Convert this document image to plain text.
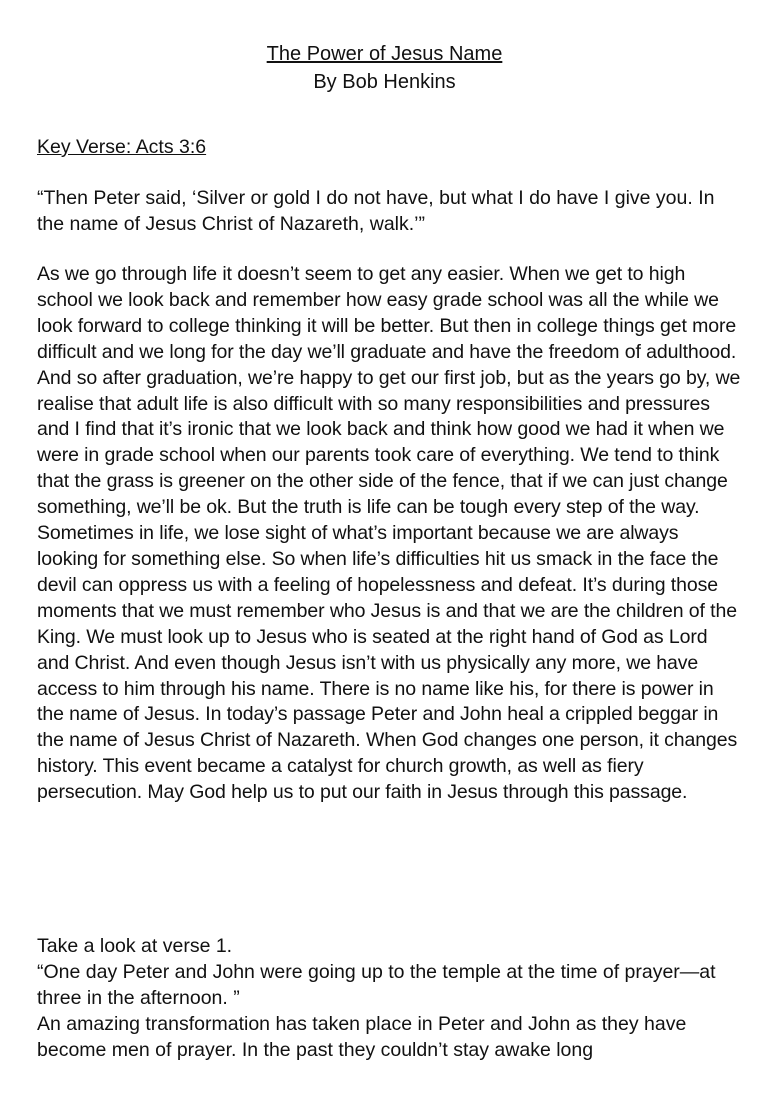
The Power of Jesus Name
By Bob Henkins

Key Verse: Acts 3:6

“Then Peter said, ‘Silver or gold I do not have, but what I do have I give you. In the name of Jesus Christ of Nazareth, walk.’”

As we go through life it doesn’t seem to get any easier. When we get to high school we look back and remember how easy grade school was all the while we look forward to college thinking it will be better. But then in college things get more difficult and we long for the day we’ll graduate and have the freedom of adulthood. And so after graduation, we’re happy to get our first job, but as the years go by, we realise that adult life is also difficult with so many responsibilities and pressures and I find that it’s ironic that we look back and think how good we had it when we were in grade school when our parents took care of everything. We tend to think that the grass is greener on the other side of the fence, that if we can just change something, we’ll be ok. But the truth is life can be tough every step of the way. Sometimes in life, we lose sight of what’s important because we are always looking for something else. So when life’s difficulties hit us smack in the face the devil can oppress us with a feeling of hopelessness and defeat. It’s during those moments that we must remember who Jesus is and that we are the children of the King. We must look up to Jesus who is seated at the right hand of God as Lord and Christ. And even though Jesus isn’t with us physically any more, we have access to him through his name. There is no name like his, for there is power in the name of Jesus. In today’s passage Peter and John heal a crippled beggar in the name of Jesus Christ of Nazareth. When God changes one person, it changes history. This event became a catalyst for church growth, as well as fiery persecution. May God help us to put our faith in Jesus through this passage.

Take a look at verse 1.

“One day Peter and John were going up to the temple at the time of prayer—at three in the afternoon. ”

An amazing transformation has taken place in Peter and John as they have become men of prayer. In the past they couldn’t stay awake long
